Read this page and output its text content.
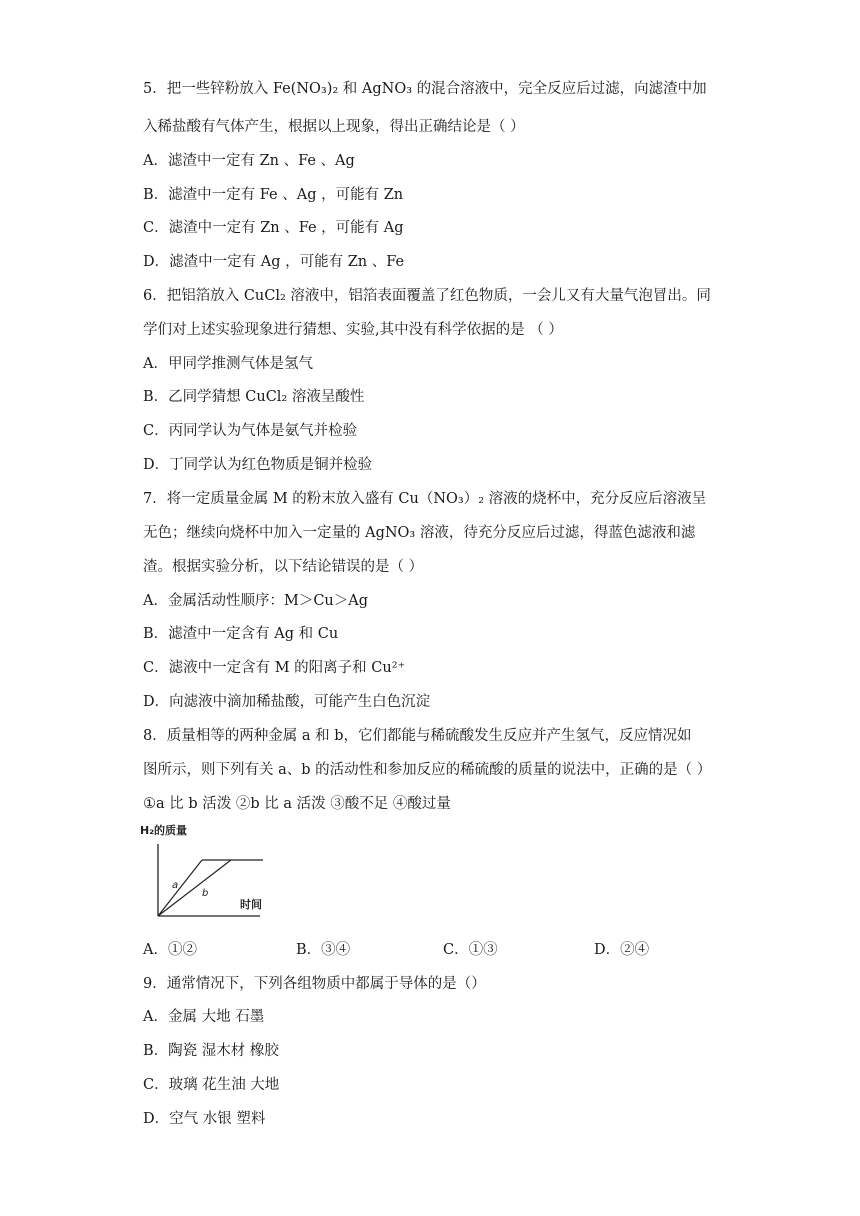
5．把一些锌粉放入 Fe(NO₃)₂ 和 AgNO₃ 的混合溶液中，完全反应后过滤，向滤渣中加
入稀盐酸有气体产生，根据以上现象，得出正确结论是（ ）
A．滤渣中一定有 Zn 、Fe 、Ag
B．滤渣中一定有 Fe 、Ag ，可能有 Zn
C．滤渣中一定有 Zn 、Fe ，可能有 Ag
D．滤渣中一定有 Ag ，可能有 Zn 、Fe
6．把铝箔放入 CuCl₂ 溶液中，铝箔表面覆盖了红色物质，一会儿又有大量气泡冒出。同
学们对上述实验现象进行猜想、实验,其中没有科学依据的是 （ ）
A．甲同学推测气体是氢气
B．乙同学猜想 CuCl₂ 溶液呈酸性
C．丙同学认为气体是氨气并检验
D．丁同学认为红色物质是铜并检验
7．将一定质量金属 M 的粉末放入盛有 Cu（NO₃）₂ 溶液的烧杯中，充分反应后溶液呈
无色；继续向烧杯中加入一定量的 AgNO₃ 溶液，待充分反应后过滤，得蓝色滤液和滤
渣。根据实验分析，以下结论错误的是（ ）
A．金属活动性顺序：M＞Cu＞Ag
B．滤渣中一定含有 Ag 和 Cu
C．滤液中一定含有 M 的阳离子和 Cu²⁺
D．向滤液中滴加稀盐酸，可能产生白色沉淀
8．质量相等的两种金属 a 和 b，它们都能与稀硫酸发生反应并产生氢气，反应情况如
图所示，则下列有关 a、b 的活动性和参加反应的稀硫酸的质量的说法中，正确的是（ ）
①a 比 b 活泼 ②b 比 a 活泼 ③酸不足 ④酸过量
H₂的质量
a
b
时间
A．①②	B．③④	C．①③	D．②④
9．通常情况下，下列各组物质中都属于导体的是（）
A．金属 大地 石墨
B．陶瓷 湿木材 橡胶
C．玻璃 花生油 大地
D．空气 水银 塑料
